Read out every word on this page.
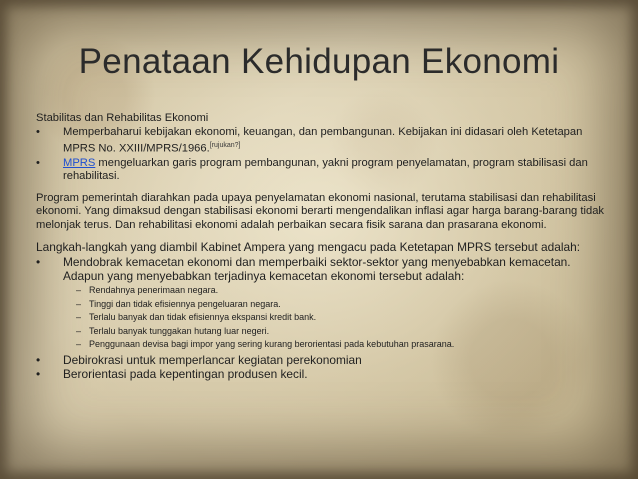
Penataan Kehidupan Ekonomi

Stabilitas dan Rehabilitas Ekonomi

•	Memperbaharui kebijakan ekonomi, keuangan, dan pembangunan. Kebijakan ini didasari oleh Ketetapan MPRS No. XXIII/MPRS/1966.[rujukan?]
•	MPRS mengeluarkan garis program pembangunan, yakni program penyelamatan, program stabilisasi dan rehabilitasi.

Program pemerintah diarahkan pada upaya penyelamatan ekonomi nasional, terutama stabilisasi dan rehabilitasi ekonomi. Yang dimaksud dengan stabilisasi ekonomi berarti mengendalikan inflasi agar harga barang-barang tidak melonjak terus. Dan rehabilitasi ekonomi adalah perbaikan secara fisik sarana dan prasarana ekonomi.

Langkah-langkah yang diambil Kabinet Ampera yang mengacu pada Ketetapan MPRS tersebut adalah:

•	Mendobrak kemacetan ekonomi dan memperbaiki sektor-sektor yang menyebabkan kemacetan. Adapun yang menyebabkan terjadinya kemacetan ekonomi tersebut adalah:
– Rendahnya penerimaan negara.
– Tinggi dan tidak efisiennya pengeluaran negara.
– Terlalu banyak dan tidak efisiennya ekspansi kredit bank.
– Terlalu banyak tunggakan hutang luar negeri.
– Penggunaan devisa bagi impor yang sering kurang berorientasi pada kebutuhan prasarana.
•	Debirokrasi untuk memperlancar kegiatan perekonomian
•	Berorientasi pada kepentingan produsen kecil.
